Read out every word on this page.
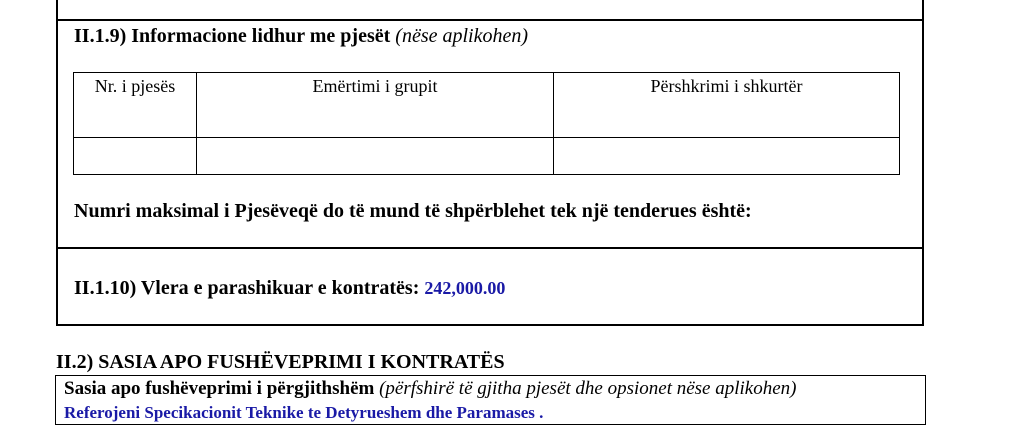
II.1.9) Informacione lidhur me pjesët (nëse aplikohen)
Nr. i pjesës	Emërtimi i grupit	Përshkrimi i shkurtër

Numri maksimal i Pjesëveqë do të mund të shpërblehet tek një tenderues është:
II.1.10) Vlera e parashikuar e kontratës: 242,000.00
II.2) SASIA APO FUSHËVEPRIMI I KONTRATËS
Sasia apo fushëveprimi i përgjithshëm (përfshirë të gjitha pjesët dhe opsionet nëse aplikohen)
Referojeni Specikacionit Teknike te Detyrueshem dhe Paramases .
